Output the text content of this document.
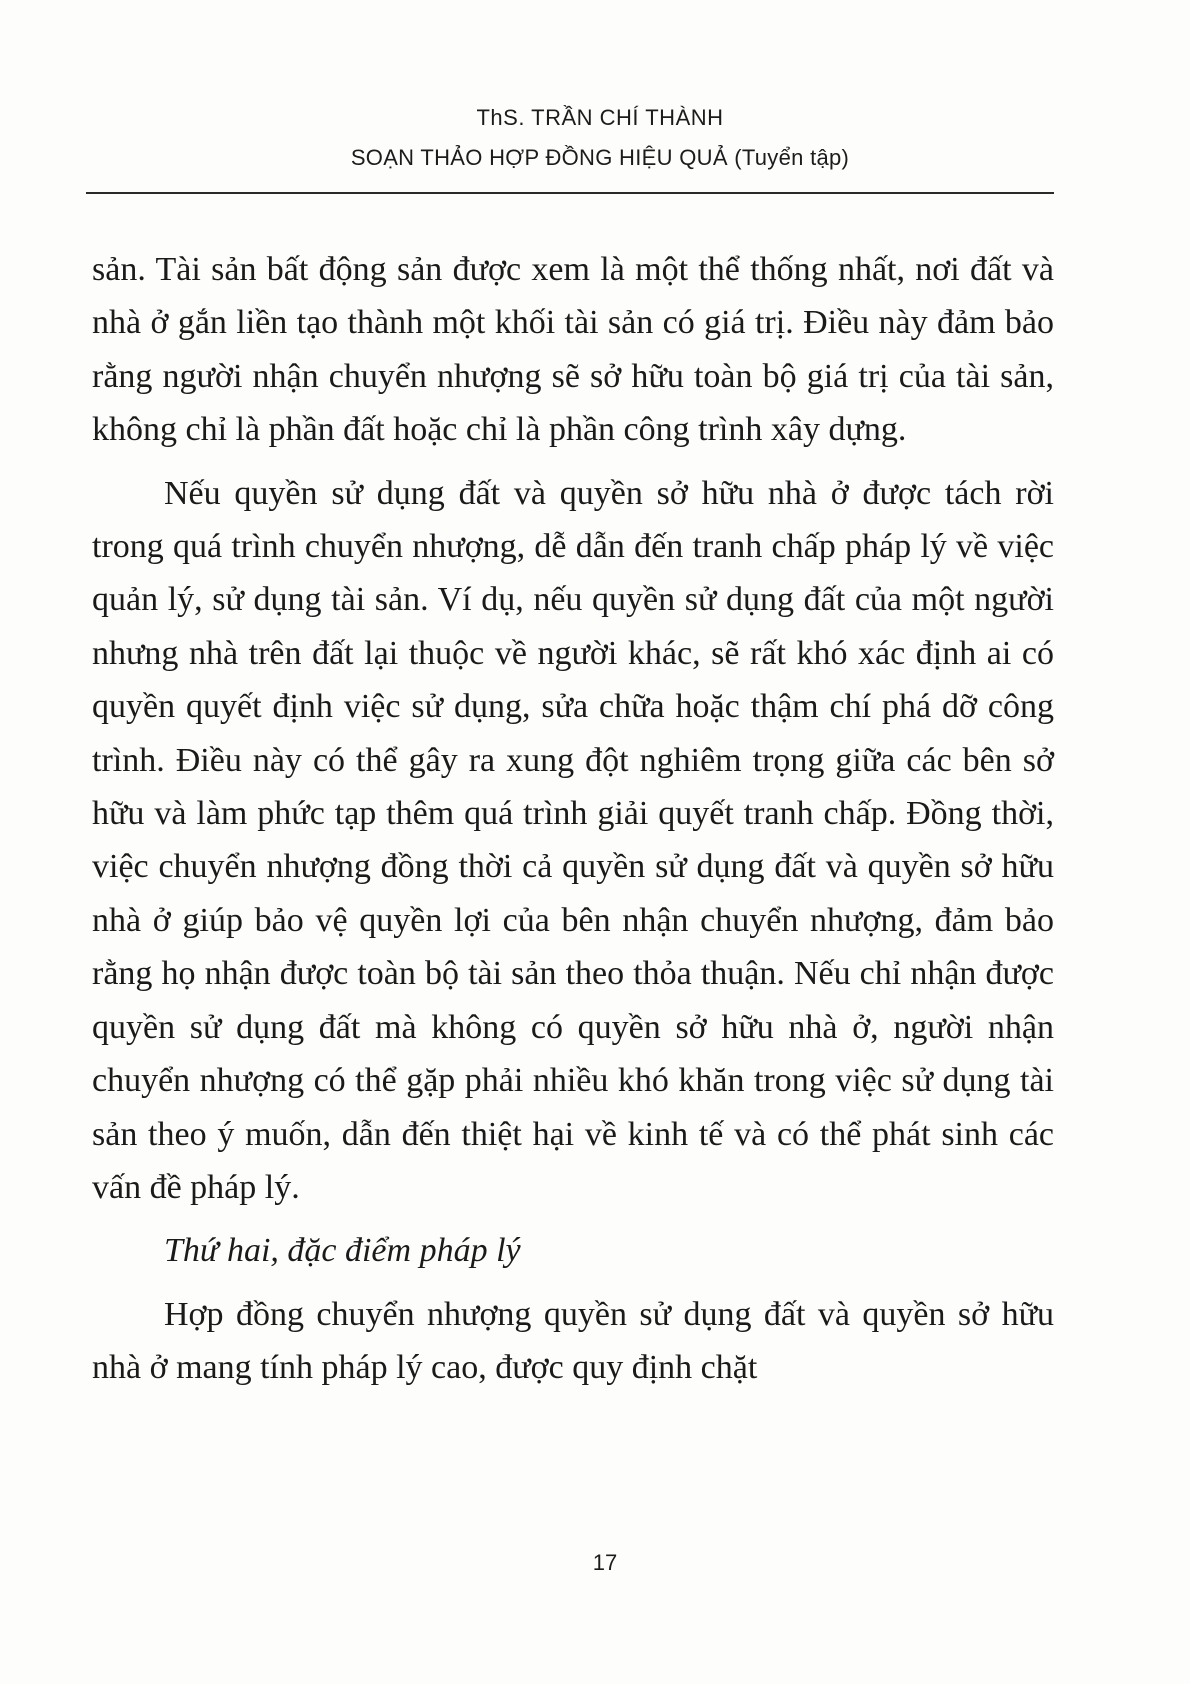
ThS. TRẦN CHÍ THÀNH
SOẠN THẢO HỢP ĐỒNG HIỆU QUẢ (Tuyển tập)

sản. Tài sản bất động sản được xem là một thể thống nhất, nơi đất và nhà ở gắn liền tạo thành một khối tài sản có giá trị. Điều này đảm bảo rằng người nhận chuyển nhượng sẽ sở hữu toàn bộ giá trị của tài sản, không chỉ là phần đất hoặc chỉ là phần công trình xây dựng.

Nếu quyền sử dụng đất và quyền sở hữu nhà ở được tách rời trong quá trình chuyển nhượng, dễ dẫn đến tranh chấp pháp lý về việc quản lý, sử dụng tài sản. Ví dụ, nếu quyền sử dụng đất của một người nhưng nhà trên đất lại thuộc về người khác, sẽ rất khó xác định ai có quyền quyết định việc sử dụng, sửa chữa hoặc thậm chí phá dỡ công trình. Điều này có thể gây ra xung đột nghiêm trọng giữa các bên sở hữu và làm phức tạp thêm quá trình giải quyết tranh chấp. Đồng thời, việc chuyển nhượng đồng thời cả quyền sử dụng đất và quyền sở hữu nhà ở giúp bảo vệ quyền lợi của bên nhận chuyển nhượng, đảm bảo rằng họ nhận được toàn bộ tài sản theo thỏa thuận. Nếu chỉ nhận được quyền sử dụng đất mà không có quyền sở hữu nhà ở, người nhận chuyển nhượng có thể gặp phải nhiều khó khăn trong việc sử dụng tài sản theo ý muốn, dẫn đến thiệt hại về kinh tế và có thể phát sinh các vấn đề pháp lý.

Thứ hai, đặc điểm pháp lý

Hợp đồng chuyển nhượng quyền sử dụng đất và quyền sở hữu nhà ở mang tính pháp lý cao, được quy định chặt

17
